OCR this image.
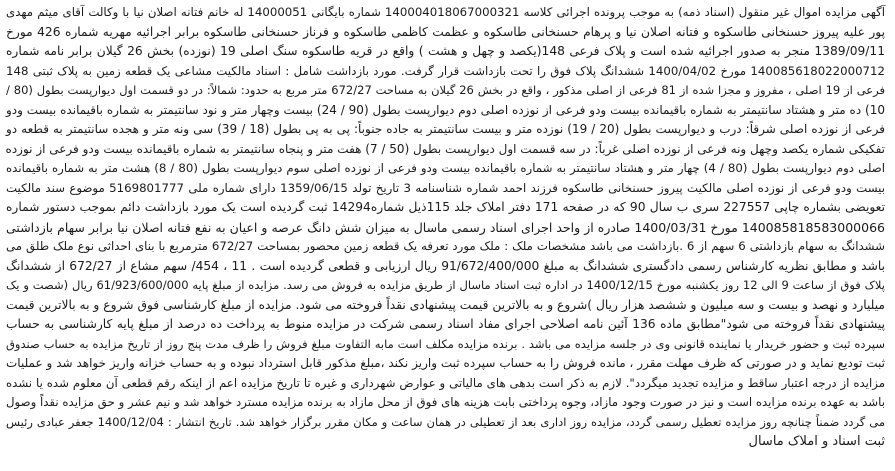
آگهی مزایده اموال غیر منقول (اسناد ذمه) به موجب پرونده اجرائی کلاسه 140004018067000321 شماره بایگانی 14000051 له خانم فتانه اصلان نیا با وکالت آقای میثم مهدی
پور علیه پیروز حسنخانی طاسکوه و فتانه اصلان نیا و پرهام حسنخانی طاسکوه و عظمت کاظمی طاسکوه و فرناز حسنخانی طاسکوه برابر اجرائیه مهریه شماره 426 مورخ
1389/09/11 منجر به صدور اجرائیه شده است و پلاک فرعی 148(یکصد و چهل و هشت ) واقع در قریه طاسکوه سنگ اصلی 19 (نوزده) بخش 26 گیلان برابر نامه شماره
140085618022000712 مورخ 1400/04/02 ششدانگ پلاک فوق را تحت بازداشت قرار گرفت. مورد بازداشت شامل : اسناد مالکیت مشاعی یک قطعه زمین به پلاک ثبتی 148
فرعی از 19 اصلی ، مفروز و مجزا شده از 81 فرعی از اصلی مذکور ، واقع در بخش 26 گیلان به مساحت 672/27 متر مربع به حدود: شمالاً: در دو قسمت اول دیوارپست بطول (80 /
10) ده متر و هشتاد سانتیمتر به شماره باقیمانده بیست ودو فرعی از نوزده اصلی دوم دیوارپست بطول (90 / 24) بیست وچهار متر و نود سانتیمتر به شماره باقیمانده بیست ودو
فرعی از نوزده اصلی شرقاً: درب و دیوارپست بطول (20 / 19) نوزده متر و بیست سانتیمتر به جاده جنوباً: پی به پی بطول (18 / 39) سی ونه متر و هجده سانتیمتر به قطعه دو
تفکیکی شماره یکصد وچهل ونه فرعی از نوزده اصلی غرباً: در سه قسمت اول دیوارپست بطول (50 / 7) هفت متر و پنجاه سانتیمتر به شماره باقیمانده بیست ودو فرعی از نوزده
اصلی دوم دیوارپست بطول (80 / 4) چهار متر و هشتاد سانتیمتر به شماره باقیمانده بیست ودو فرعی از نوزده اصلی سوم دیوارپست بطول (80 / 8) هشت متر به شماره باقیمانده
بیست ودو فرعی از نوزده اصلی مالکیت پیروز حسنخانی طاسکوه فرزند احمد شماره شناسنامه 3 تاریخ تولد 1359/06/15 دارای شماره ملی 5169801777 موضوع سند مالکیت
تعویضی بشماره چاپی 227557 سری ب سال 90 که در صفحه 171 دفتر املاک جلد 115ذیل شماره14294 ثبت گردیده است یک مورد بازداشت دائم بموجب دستور شماره
140085818583000066 مورخ 1400/03/31 صادره از واحد اجرای اسناد رسمی ماسال به میزان شش دانگ عرصه و اعیان به نفع فتانه اصلان نیا برابر سهام بازداشتی
ششدانگ به سهام بازداشتی 6 سهم از 6 .بازداشت می باشد مشخصات ملک : ملک مورد تعرفه یک قطعه زمین محصور بمساحت 672/27 مترمربع با بنای احداثی نوع ملک طلق می
باشد و مطابق نظریه کارشناس رسمی دادگستری ششدانگ به مبلغ 91/672/400/000 ریال ارزیابی و قطعی گردیده است . 11 ، 454/ سهم مشاع از 672/27 از ششدانگ
پلاک فوق از ساعت 9 الی 12 روز یکشنبه مورخ 1400/12/15 در اداره ثبت اسناد ماسال از طریق مزایده به فروش می رسد. مزایده از مبلغ پایه 61/923/600/000 ریال (شصت و یک
میلیارد و نهصد و بیست و سه میلیون و ششصد هزار ریال )شروع و به بالاترین قیمت پیشنهادی نقداً فروخته می شود. مزایده از مبلغ کارشناسی فوق شروع و به بالاترین قیمت
پیشنهادی نقداً فروخته می شود"مطابق ماده 136 آئین نامه اصلاحی اجرای مفاد اسناد رسمی شرکت در مزایده منوط به پرداخت ده درصد از مبلغ پایه کارشناسی به حساب
سپرده ثبت و حضور خریدار یا نماینده قانونی وی در جلسه مزایده می باشد . برنده مزایده مکلف است مابه التفاوت مبلغ فروش را ظرف مدت پنج روز از تاریخ مزایده به حساب صندوق
ثبت تودیع نماید و در صورتی که ظرف مهلت مقرر ، مانده فروش را به حساب سپرده ثبت واریز نکند ،مبلغ مذکور قابل استرداد نبوده و به حساب خزانه واریز خواهد شد و عملیات
مزایده از درجه اعتبار ساقط و مزایده تجدید میگردد". لازم به ذکر است بدهی های مالیاتی و عوارض شهرداری و غیره تا تاریخ مزایده اعم از اینکه رقم قطعی آن معلوم شده یا نشده
باشد به عهده برنده مزایده است و نیز در صورت وجود مازاد، وجوه پرداختی بابت هزینه های فوق از محل مازاد به برنده مزایده مسترد خواهد شد و نیم عشر و حق مزایده نقداً وصول
می گردد ضمناً چنانچه روز مزایده تعطیل رسمی گردد، مزایده روز اداری بعد از تعطیلی در همان ساعت و مکان مقرر برگزار خواهد شد. تاریخ انتشار : 1400/12/04 جعفر عبادی رئیس
ثبت اسناد و املاک ماسال
